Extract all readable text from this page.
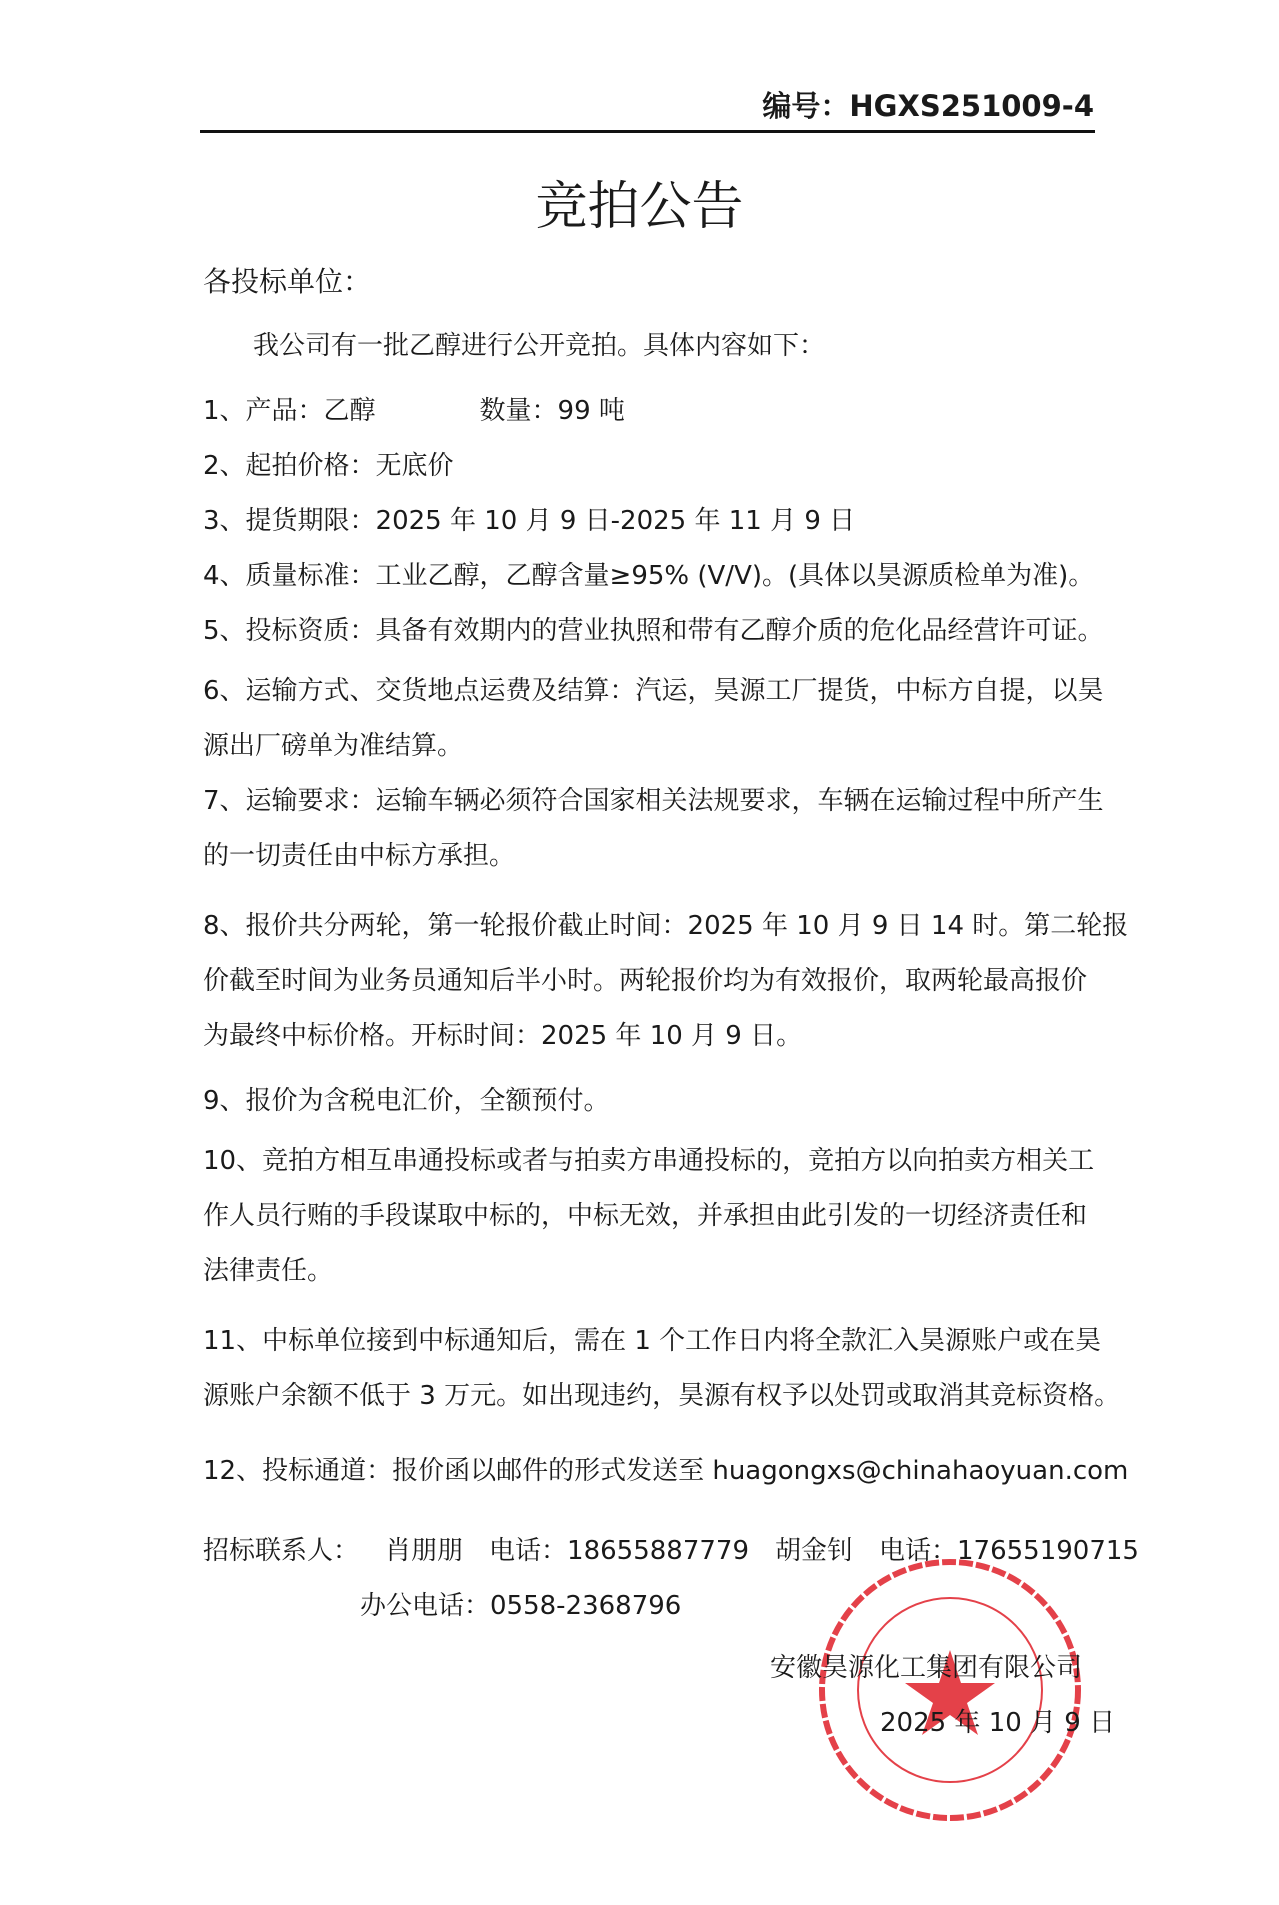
编号：HGXS251009-4
竞拍公告
各投标单位：
我公司有一批乙醇进行公开竞拍。具体内容如下：
1、产品：乙醇　　　　数量：99 吨
2、起拍价格：无底价
3、提货期限：2025 年 10 月 9 日-2025 年 11 月 9 日
4、质量标准：工业乙醇，乙醇含量≥95% (V/V)。(具体以昊源质检单为准)。
5、投标资质：具备有效期内的营业执照和带有乙醇介质的危化品经营许可证。
6、运输方式、交货地点运费及结算：汽运，昊源工厂提货，中标方自提，以昊
源出厂磅单为准结算。
7、运输要求：运输车辆必须符合国家相关法规要求，车辆在运输过程中所产生
的一切责任由中标方承担。
8、报价共分两轮，第一轮报价截止时间：2025 年 10 月 9 日 14 时。第二轮报
价截至时间为业务员通知后半小时。两轮报价均为有效报价，取两轮最高报价
为最终中标价格。开标时间：2025 年 10 月 9 日。
9、报价为含税电汇价，全额预付。
10、竞拍方相互串通投标或者与拍卖方串通投标的，竞拍方以向拍卖方相关工
作人员行贿的手段谋取中标的，中标无效，并承担由此引发的一切经济责任和
法律责任。
11、中标单位接到中标通知后，需在 1 个工作日内将全款汇入昊源账户或在昊
源账户余额不低于 3 万元。如出现违约，昊源有权予以处罚或取消其竞标资格。
12、投标通道：报价函以邮件的形式发送至 huagongxs@chinahaoyuan.com
招标联系人： 肖朋朋 电话：18655887779 胡金钊 电话：17655190715
办公电话：0558-2368796
安徽昊源化工集团有限公司
2025 年 10 月 9 日
